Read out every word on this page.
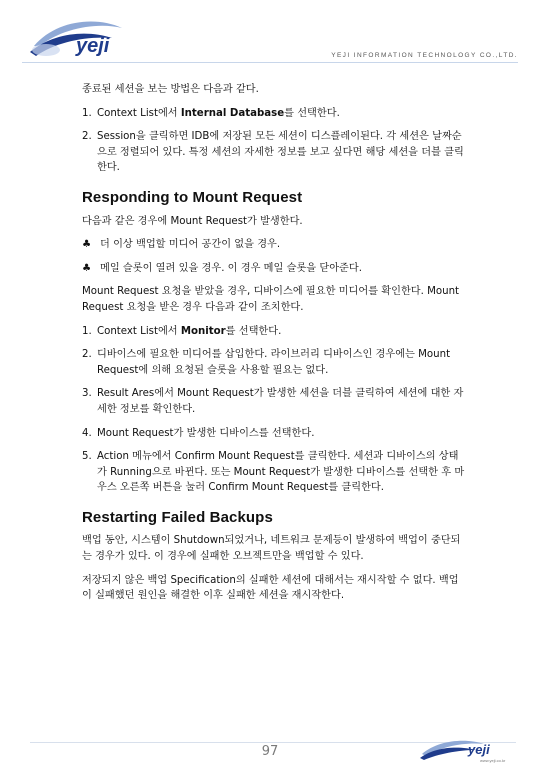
yeji	YEJI INFORMATION TECHNOLOGY CO.,LTD.

종료된 세션을 보는 방법은 다음과 같다.

1. Context List에서 Internal Database를 선택한다.
2. Session을 클릭하면 IDB에 저장된 모든 세션이 디스플레이된다. 각 세션은 날짜순으로 정렬되어 있다. 특정 세션의 자세한 정보를 보고 싶다면 해당 세션을 더블 클릭한다.
Responding to Mount Request

다음과 같은 경우에 Mount Request가 발생한다.

♣ 더 이상 백업할 미디어 공간이 없을 경우.
♣ 메일 슬롯이 열려 있을 경우. 이 경우 메일 슬롯을 닫아준다.

Mount Request 요청을 받았을 경우, 디바이스에 필요한 미디어를 확인한다. Mount Request 요청을 받은 경우 다음과 같이 조치한다.

1. Context List에서 Monitor를 선택한다.
2. 디바이스에 필요한 미디어를 삽입한다. 라이브러리 디바이스인 경우에는 Mount Request에 의해 요청된 슬롯을 사용할 필요는 없다.
3. Result Ares에서 Mount Request가 발생한 세션을 더블 클릭하여 세션에 대한 자세한 정보를 확인한다.
4. Mount Request가 발생한 디바이스를 선택한다.
5. Action 메뉴에서 Confirm Mount Request를 클릭한다. 세션과 디바이스의 상태가 Running으로 바뀐다. 또는 Mount Request가 발생한 디바이스를 선택한 후 마우스 오른쪽 버튼을 눌러 Confirm Mount Request를 클릭한다.
Restarting Failed Backups

백업 동안, 시스템이 Shutdown되었거나, 네트워크 문제등이 발생하여 백업이 중단되는 경우가 있다. 이 경우에 실패한 오브젝트만을 백업할 수 있다.

저장되지 않은 백업 Specification의 실패한 세션에 대해서는 재시작할 수 없다. 백업이 실패했던 원인을 해결한 이후 실패한 세션을 재시작한다.

97	yeji
www.yeji.co.kr
